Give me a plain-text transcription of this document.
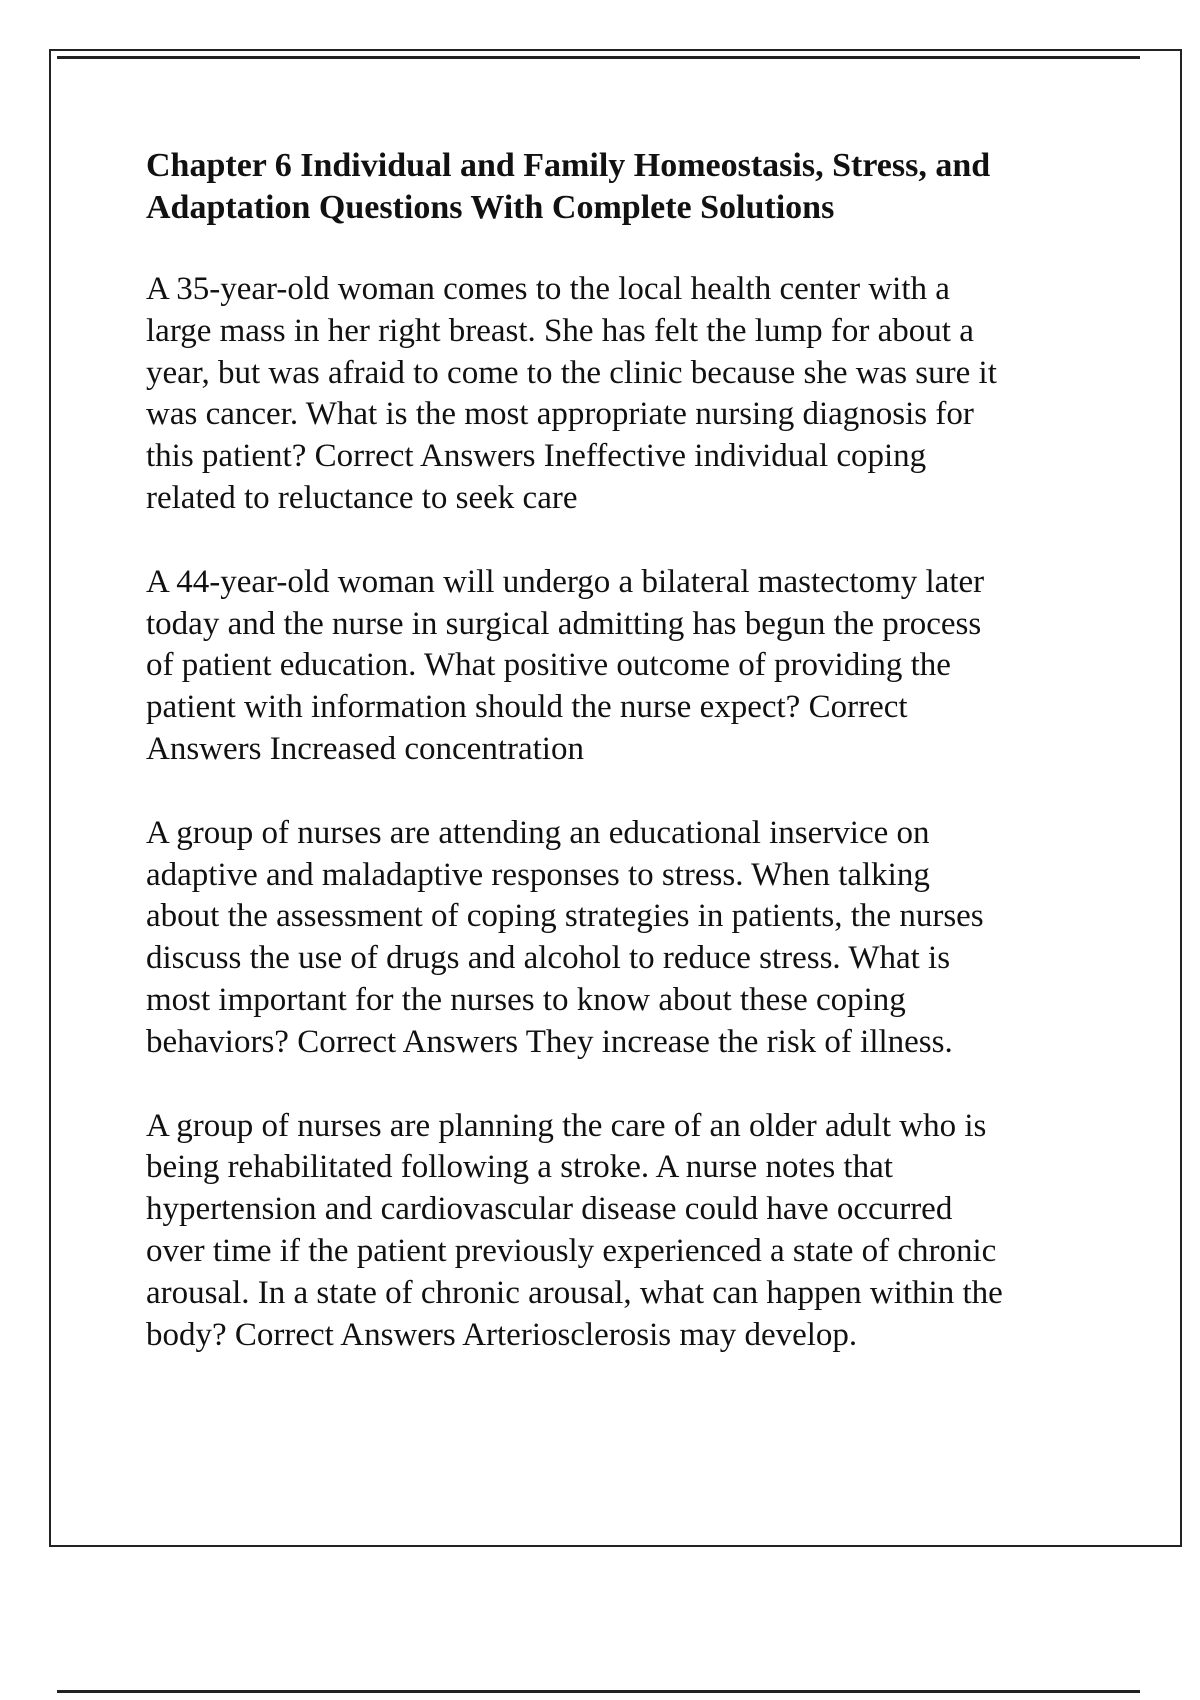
Chapter 6 Individual and Family Homeostasis, Stress, and
Adaptation Questions With Complete Solutions

A 35-year-old woman comes to the local health center with a
large mass in her right breast. She has felt the lump for about a
year, but was afraid to come to the clinic because she was sure it
was cancer. What is the most appropriate nursing diagnosis for
this patient? Correct Answers Ineffective individual coping
related to reluctance to seek care

A 44-year-old woman will undergo a bilateral mastectomy later
today and the nurse in surgical admitting has begun the process
of patient education. What positive outcome of providing the
patient with information should the nurse expect? Correct
Answers Increased concentration

A group of nurses are attending an educational inservice on
adaptive and maladaptive responses to stress. When talking
about the assessment of coping strategies in patients, the nurses
discuss the use of drugs and alcohol to reduce stress. What is
most important for the nurses to know about these coping
behaviors? Correct Answers They increase the risk of illness.

A group of nurses are planning the care of an older adult who is
being rehabilitated following a stroke. A nurse notes that
hypertension and cardiovascular disease could have occurred
over time if the patient previously experienced a state of chronic
arousal. In a state of chronic arousal, what can happen within the
body? Correct Answers Arteriosclerosis may develop.
